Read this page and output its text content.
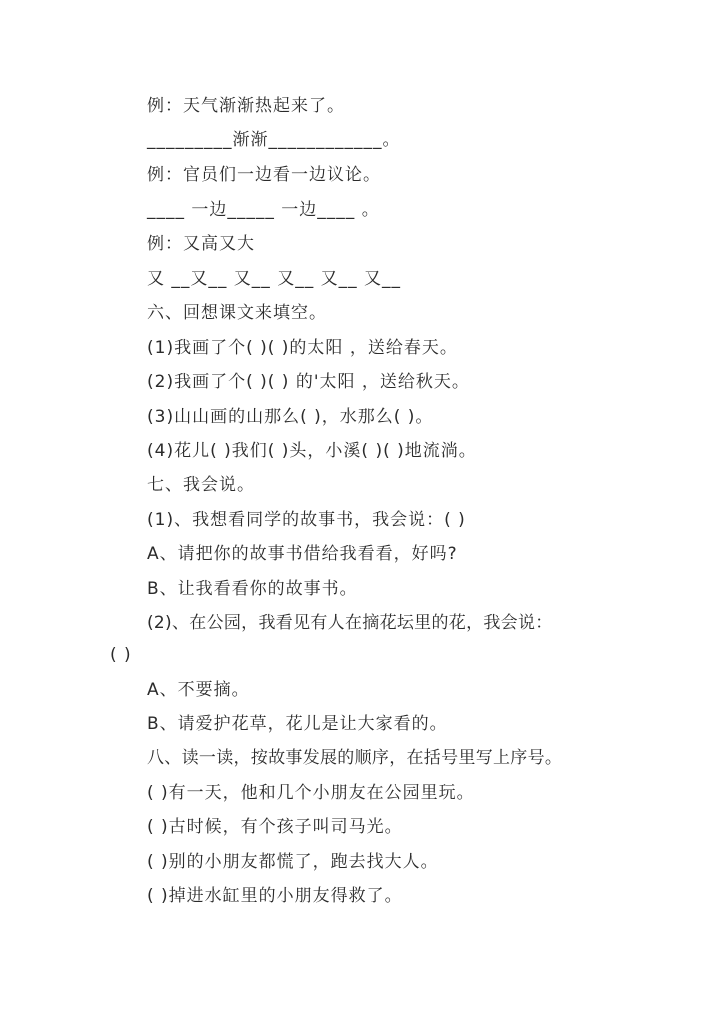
例：天气渐渐热起来了。
_________渐渐____________。
例：官员们一边看一边议论。
____ 一边_____ 一边____ 。
例：又高又大
又 __又__ 又__ 又__ 又__ 又__
六、回想课文来填空。
(1)我画了个( )( )的太阳 ，送给春天。
(2)我画了个( )( ) 的'太阳 ，送给秋天。
(3)山山画的山那么( )，水那么( )。
(4)花儿( )我们( )头，小溪( )( )地流淌。
七、我会说。
(1)、我想看同学的故事书，我会说：( )
A、请把你的故事书借给我看看，好吗?
B、让我看看你的故事书。
(2)、在公园，我看见有人在摘花坛里的花，我会说：
( )
A、不要摘。
B、请爱护花草，花儿是让大家看的。
八、读一读，按故事发展的顺序，在括号里写上序号。
( )有一天，他和几个小朋友在公园里玩。
( )古时候，有个孩子叫司马光。
( )别的小朋友都慌了，跑去找大人。
( )掉进水缸里的小朋友得救了。
